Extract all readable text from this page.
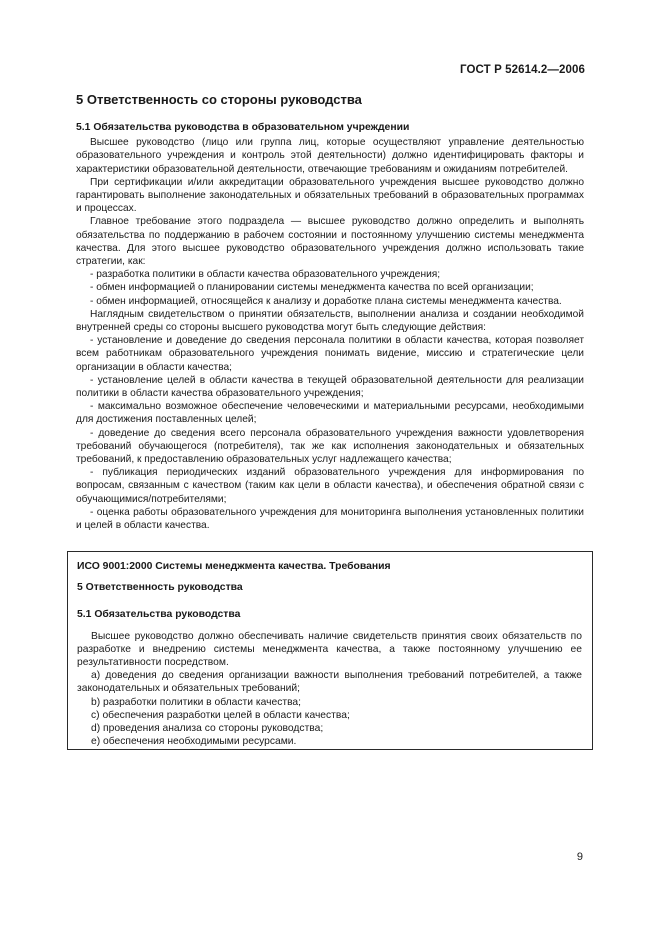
ГОСТ Р 52614.2—2006
5 Ответственность со стороны руководства
5.1 Обязательства руководства в образовательном учреждении

Высшее руководство (лицо или группа лиц, которые осуществляют управление деятельностью образовательного учреждения и контроль этой деятельности) должно идентифицировать факторы и характеристики образовательной деятельности, отвечающие требованиям и ожиданиям потребителей.

При сертификации и/или аккредитации образовательного учреждения высшее руководство должно гарантировать выполнение законодательных и обязательных требований в образовательных программах и процессах.

Главное требование этого подраздела — высшее руководство должно определить и выполнять обязательства по поддержанию в рабочем состоянии и постоянному улучшению системы менеджмента качества. Для этого высшее руководство образовательного учреждения должно использовать такие стратегии, как:

- разработка политики в области качества образовательного учреждения;

- обмен информацией о планировании системы менеджмента качества по всей организации;

- обмен информацией, относящейся к анализу и доработке плана системы менеджмента качества.

Наглядным свидетельством о принятии обязательств, выполнении анализа и создании необходимой внутренней среды со стороны высшего руководства могут быть следующие действия:

- установление и доведение до сведения персонала политики в области качества, которая позволяет всем работникам образовательного учреждения понимать видение, миссию и стратегические цели организации в области качества;

- установление целей в области качества в текущей образовательной деятельности для реализации политики в области качества образовательного учреждения;

- максимально возможное обеспечение человеческими и материальными ресурсами, необходимыми для достижения поставленных целей;

- доведение до сведения всего персонала образовательного учреждения важности удовлетворения требований обучающегося (потребителя), так же как исполнения законодательных и обязательных требований, к предоставлению образовательных услуг надлежащего качества;

- публикация периодических изданий образовательного учреждения для информирования по вопросам, связанным с качеством (таким как цели в области качества), и обеспечения обратной связи с обучающимися/потребителями;

- оценка работы образовательного учреждения для мониторинга выполнения установленных политики и целей в области качества.

ИСО 9001:2000 Системы менеджмента качества. Требования

5 Ответственность руководства

5.1 Обязательства руководства

Высшее руководство должно обеспечивать наличие свидетельств принятия своих обязательств по разработке и внедрению системы менеджмента качества, а также постоянному улучшению ее результативности посредством.

а) доведения до сведения организации важности выполнения требований потребителей, а также законодательных и обязательных требований;

b) разработки политики в области качества;

c) обеспечения разработки целей в области качества;

d) проведения анализа со стороны руководства;

e) обеспечения необходимыми ресурсами.

9
